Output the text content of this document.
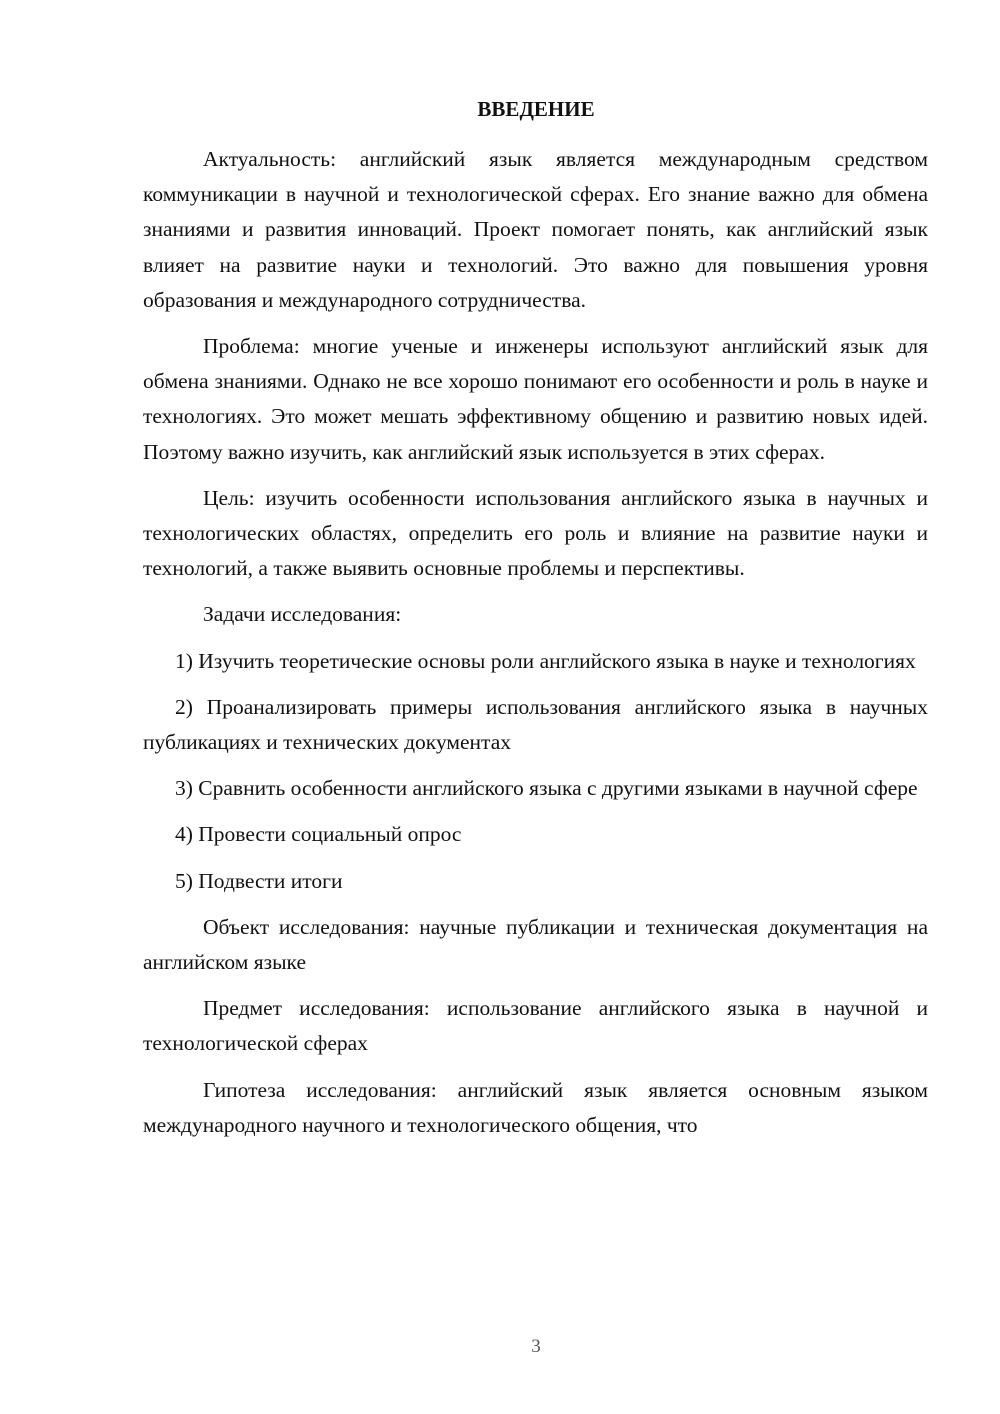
ВВЕДЕНИЕ

Актуальность: английский язык является международным средством коммуникации в научной и технологической сферах. Его знание важно для обмена знаниями и развития инноваций. Проект помогает понять, как английский язык влияет на развитие науки и технологий. Это важно для повышения уровня образования и международного сотрудничества.

Проблема: многие ученые и инженеры используют английский язык для обмена знаниями. Однако не все хорошо понимают его особенности и роль в науке и технологиях. Это может мешать эффективному общению и развитию новых идей. Поэтому важно изучить, как английский язык используется в этих сферах.

Цель: изучить особенности использования английского языка в научных и технологических областях, определить его роль и влияние на развитие науки и технологий, а также выявить основные проблемы и перспективы.

Задачи исследования:

1) Изучить теоретические основы роли английского языка в науке и технологиях

2) Проанализировать примеры использования английского языка в научных публикациях и технических документах

3) Сравнить особенности английского языка с другими языками в научной сфере

4) Провести социальный опрос

5) Подвести итоги

Объект исследования: научные публикации и техническая документация на английском языке

Предмет исследования: использование английского языка в научной и технологической сферах

Гипотеза исследования: английский язык является основным языком международного научного и технологического общения, что

3
